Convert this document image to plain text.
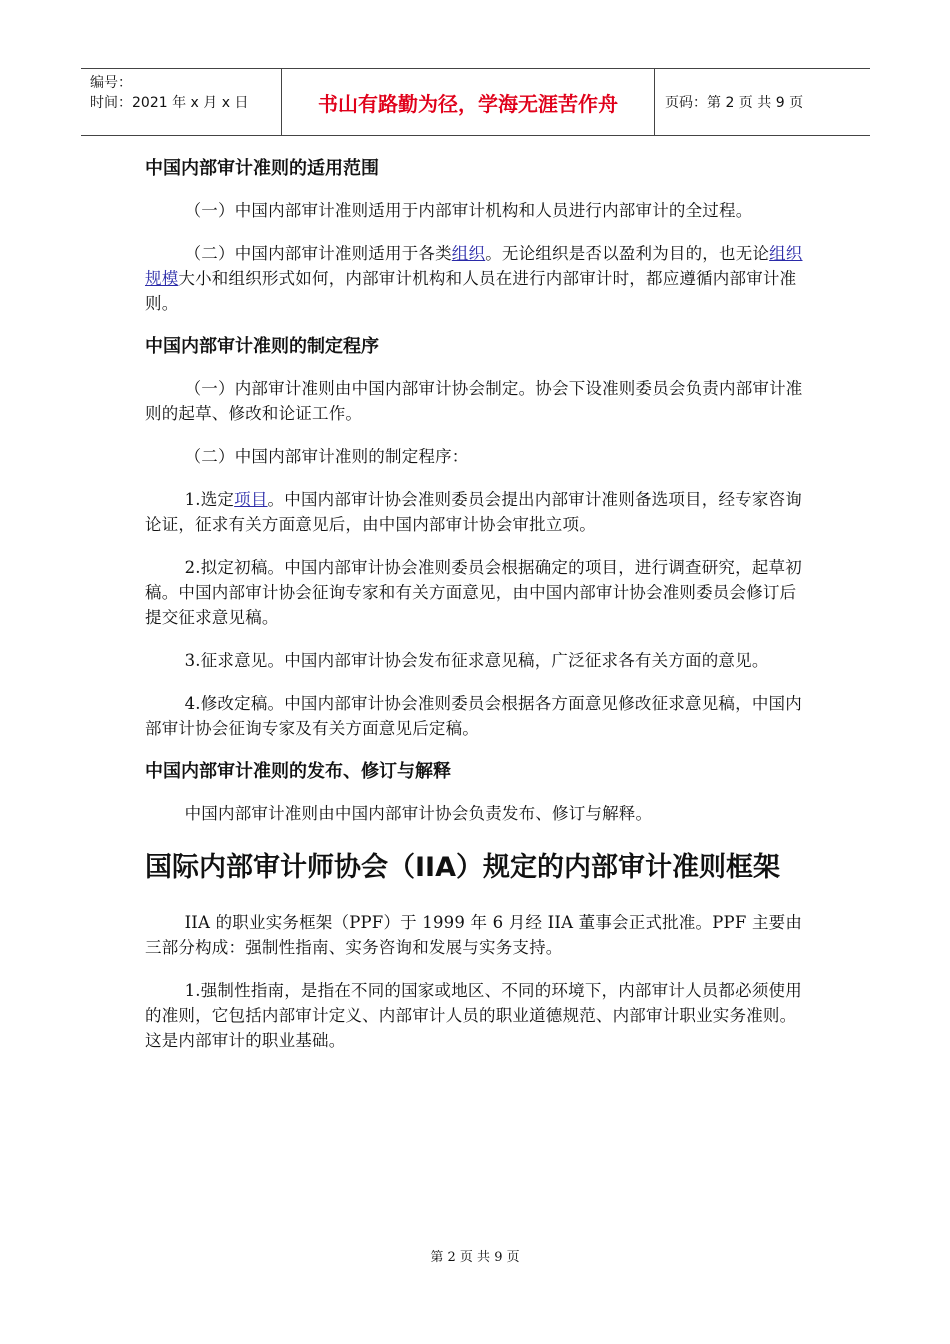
编号：
时间：2021 年 x 月 x 日	书山有路勤为径，学海无涯苦作舟	页码：第 2 页 共 9 页
中国内部审计准则的适用范围

（一）中国内部审计准则适用于内部审计机构和人员进行内部审计的全过程。

（二）中国内部审计准则适用于各类组织。无论组织是否以盈利为目的，也无论组织规模大小和组织形式如何，内部审计机构和人员在进行内部审计时，都应遵循内部审计准则。

中国内部审计准则的制定程序

（一）内部审计准则由中国内部审计协会制定。协会下设准则委员会负责内部审计准则的起草、修改和论证工作。

（二）中国内部审计准则的制定程序：

1.选定项目。中国内部审计协会准则委员会提出内部审计准则备选项目，经专家咨询论证，征求有关方面意见后，由中国内部审计协会审批立项。

2.拟定初稿。中国内部审计协会准则委员会根据确定的项目，进行调查研究，起草初稿。中国内部审计协会征询专家和有关方面意见，由中国内部审计协会准则委员会修订后提交征求意见稿。

3.征求意见。中国内部审计协会发布征求意见稿，广泛征求各有关方面的意见。

4.修改定稿。中国内部审计协会准则委员会根据各方面意见修改征求意见稿，中国内部审计协会征询专家及有关方面意见后定稿。

中国内部审计准则的发布、修订与解释

中国内部审计准则由中国内部审计协会负责发布、修订与解释。

国际内部审计师协会（IIA）规定的内部审计准则框架

IIA 的职业实务框架（PPF）于 1999 年 6 月经 IIA 董事会正式批准。PPF 主要由三部分构成：强制性指南、实务咨询和发展与实务支持。

1.强制性指南，是指在不同的国家或地区、不同的环境下，内部审计人员都必须使用的准则，它包括内部审计定义、内部审计人员的职业道德规范、内部审计职业实务准则。这是内部审计的职业基础。

第 2 页 共 9 页
